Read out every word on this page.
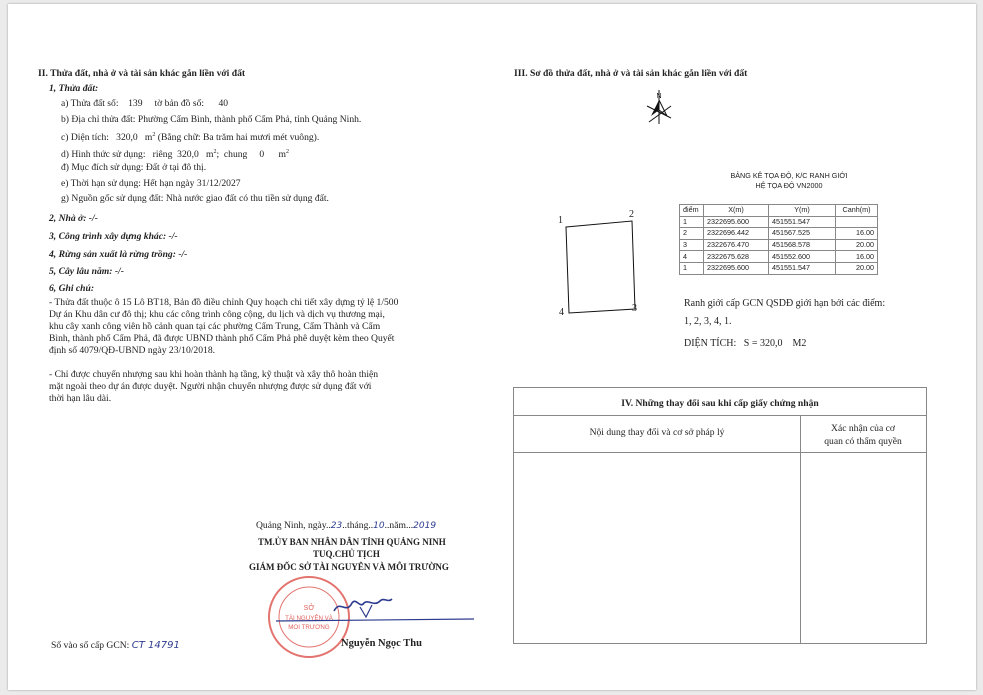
II. Thửa đất, nhà ở và tài sản khác gắn liền với đất
1, Thửa đất:
a) Thửa đất số:    139     tờ bản đồ số:      40
b) Địa chỉ thửa đất: Phường Cẩm Bình, thành phố Cẩm Phả, tỉnh Quảng Ninh.
c) Diện tích:   320,0   $m^2$ (Bằng chữ: Ba trăm hai mươi mét vuông).
d) Hình thức sử dụng:   riêng  320,0   $m^2$;  chung     0      $m^2$
đ) Mục đích sử dụng: Đất ở tại đô thị.
e) Thời hạn sử dụng: Hết hạn ngày 31/12/2027
g) Nguồn gốc sử dụng đất: Nhà nước giao đất có thu tiền sử dụng đất.
2, Nhà ở: -/-
3, Công trình xây dựng khác: -/-
4, Rừng sản xuất là rừng trồng: -/-
5, Cây lâu năm: -/-
6, Ghi chú:
- Thửa đất thuộc ô 15 Lô BT18, Bản đồ điều chỉnh Quy hoạch chi tiết xây dựng tỷ lệ 1/500
Dự án Khu dân cư đô thị; khu các công trình công cộng, du lịch và dịch vụ thương mại,
khu cây xanh công viên hồ cảnh quan tại các phường Cẩm Trung, Cẩm Thành và Cẩm
Bình, thành phố Cẩm Phả, đã được UBND thành phố Cẩm Phả phê duyệt kèm theo Quyết
định số 4079/QĐ-UBND ngày 23/10/2018.
- Chỉ được chuyển nhượng sau khi hoàn thành hạ tầng, kỹ thuật và xây thô hoàn thiện
mặt ngoài theo dự án được duyệt. Người nhận chuyển nhượng được sử dụng đất với
thời hạn lâu dài.
Quảng Ninh, ngày..23..tháng..10..năm...2019
TM.ỦY BAN NHÂN DÂN TỈNH QUẢNG NINH
TUQ.CHỦ TỊCH
GIÁM ĐỐC SỞ TÀI NGUYÊN VÀ MÔI TRƯỜNG
SỞ
TÀI NGUYÊN VÀ
MÔI TRƯỜNG
Nguyễn Ngọc Thu
Số vào sổ cấp GCN: CT 14791
III. Sơ đồ thửa đất, nhà ở và tài sản khác gắn liền với đất
N
1
2
3
4
BẢNG KÊ TỌA ĐỘ, K/C RANH GIỚI
HỆ TỌA ĐỘ VN2000
điểm	X(m)	Y(m)	Canh(m)
1	2322695.600	451551.547	
2	2322696.442	451567.525	16.00
3	2322676.470	451568.578	20.00
4	2322675.628	451552.600	16.00
1	2322695.600	451551.547	20.00
Ranh giới cấp GCN QSDĐ giới hạn bởi các điểm:
1, 2, 3, 4, 1.
DIỆN TÍCH:   S = 320,0    M2
IV. Những thay đổi sau khi cấp giấy chứng nhận
Nội dung thay đổi và cơ sở pháp lý	Xác nhận của cơ
quan có thẩm quyền
